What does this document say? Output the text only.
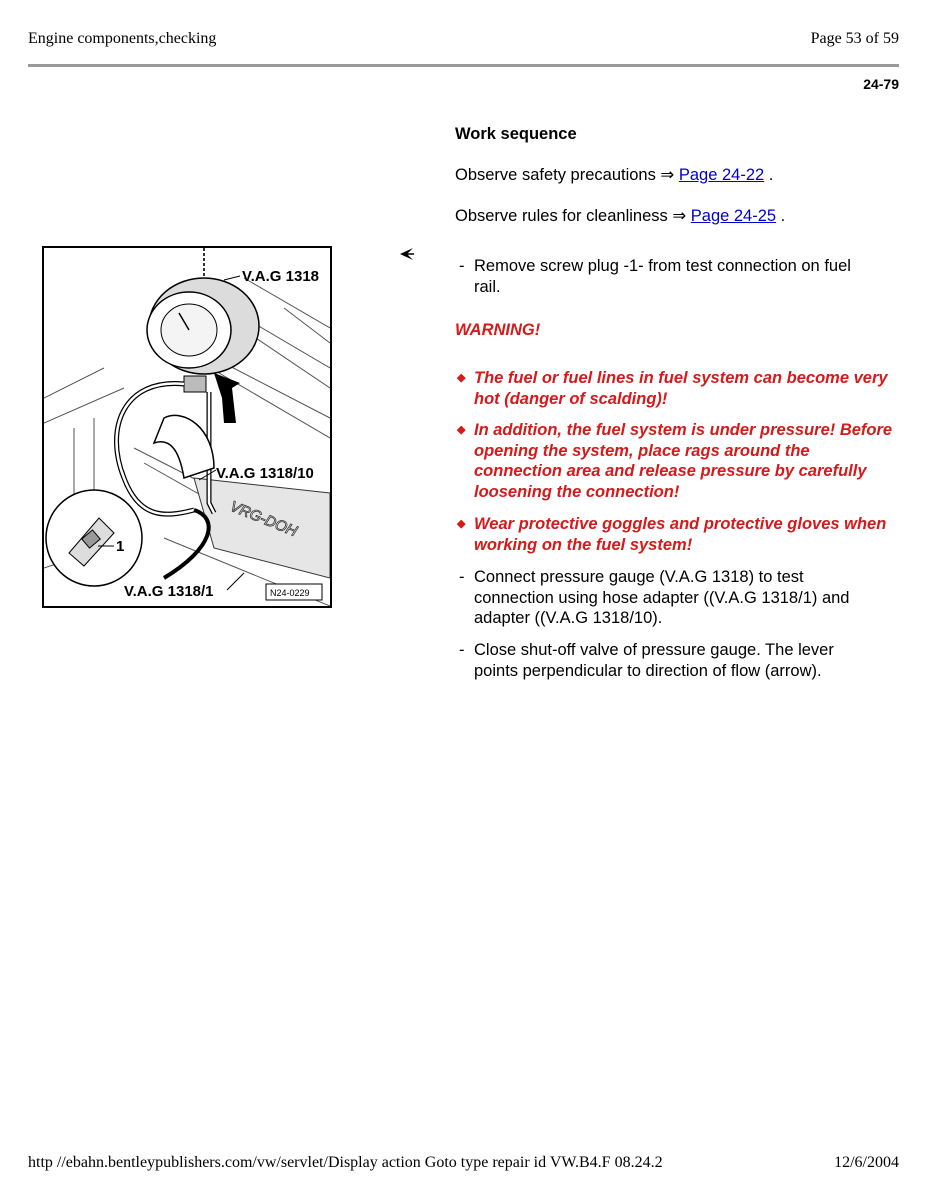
Engine components,checking	Page 53 of 59
24-79
Work sequence
Observe safety precautions ⇒ Page 24-22 .
Observe rules for cleanliness ⇒ Page 24-25 .
- Remove screw plug -1- from test connection on fuel rail.
WARNING!
◆ The fuel or fuel lines in fuel system can become very hot (danger of scalding)!
◆ In addition, the fuel system is under pressure! Before opening the system, place rags around the connection area and release pressure by carefully loosening the connection!
◆ Wear protective goggles and protective gloves when working on the fuel system!
- Connect pressure gauge (V.A.G 1318) to test connection using hose adapter ((V.A.G 1318/1) and adapter ((V.A.G 1318/10).
- Close shut-off valve of pressure gauge. The lever points perpendicular to direction of flow (arrow).
VRG-DOH
V.A.G 1318
V.A.G 1318/10
1
V.A.G 1318/1	N24-0229
http //ebahn.bentleypublishers.com/vw/servlet/Display action Goto type repair id VW.B4.F 08.24.2	12/6/2004
